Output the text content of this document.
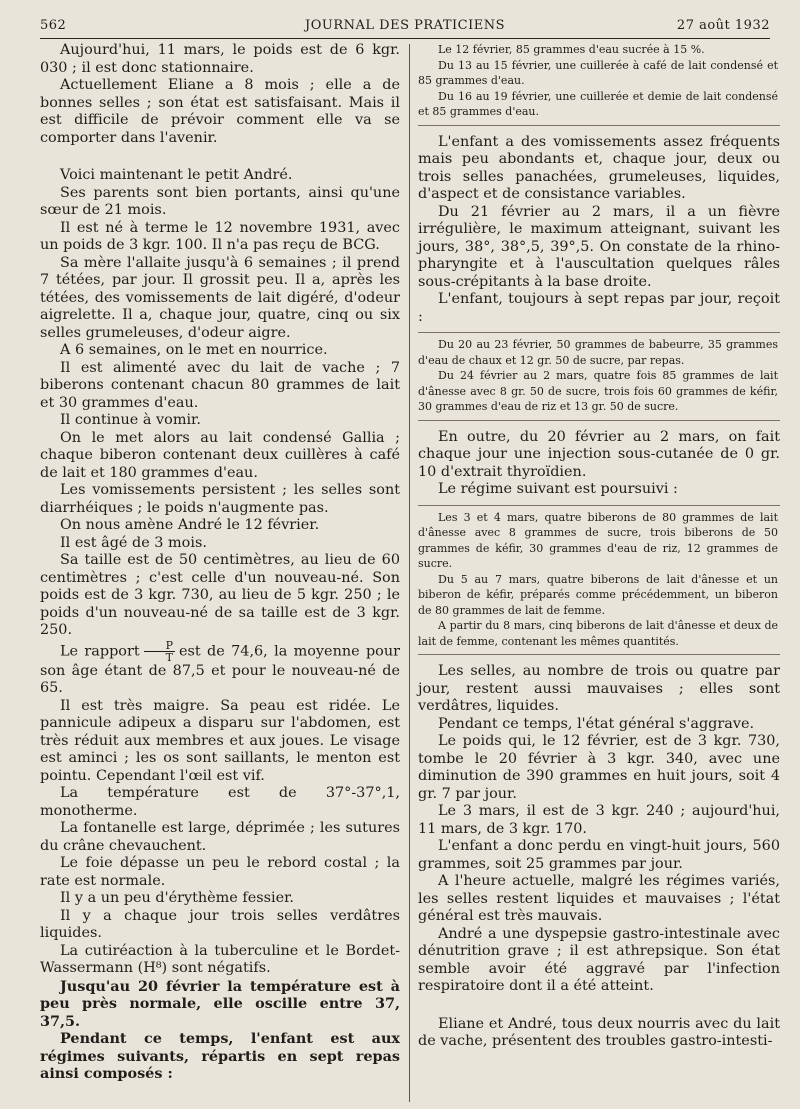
562	JOURNAL DES PRATICIENS	27 août 1932

Aujourd'hui, 11 mars, le poids est de 6 kgr. 030 ; il est donc stationnaire.

Actuellement Eliane a 8 mois ; elle a de bonnes selles ; son état est satisfaisant. Mais il est difficile de prévoir comment elle va se comporter dans l'avenir.

Voici maintenant le petit André.

Ses parents sont bien portants, ainsi qu'une sœur de 21 mois.

Il est né à terme le 12 novembre 1931, avec un poids de 3 kgr. 100. Il n'a pas reçu de BCG.

Sa mère l'allaite jusqu'à 6 semaines ; il prend 7 tétées, par jour. Il grossit peu. Il a, après les tétées, des vomissements de lait digéré, d'odeur aigrelette. Il a, chaque jour, quatre, cinq ou six selles grumeleuses, d'odeur aigre.

A 6 semaines, on le met en nourrice.

Il est alimenté avec du lait de vache ; 7 biberons contenant chacun 80 grammes de lait et 30 grammes d'eau.

Il continue à vomir.

On le met alors au lait condensé Gallia ; chaque biberon contenant deux cuillères à café de lait et 180 grammes d'eau.

Les vomissements persistent ; les selles sont diarrhéiques ; le poids n'augmente pas.

On nous amène André le 12 février.

Il est âgé de 3 mois.

Sa taille est de 50 centimètres, au lieu de 60 centimètres ; c'est celle d'un nouveau-né. Son poids est de 3 kgr. 730, au lieu de 5 kgr. 250 ; le poids d'un nouveau-né de sa taille est de 3 kgr. 250.

Le rapport $\frac{P}{T}$ est de 74,6, la moyenne pour son âge étant de 87,5 et pour le nouveau-né de 65.

Il est très maigre. Sa peau est ridée. Le pannicule adipeux a disparu sur l'abdomen, est très réduit aux membres et aux joues. Le visage est aminci ; les os sont saillants, le menton est pointu. Cependant l'œil est vif.

La température est de 37°-37°,1, monotherme.

La fontanelle est large, déprimée ; les sutures du crâne chevauchent.

Le foie dépasse un peu le rebord costal ; la rate est normale.

Il y a un peu d'érythème fessier.

Il y a chaque jour trois selles verdâtres liquides.

La cutiréaction à la tuberculine et le Bordet-Wassermann (H⁸) sont négatifs.

Jusqu'au 20 février la température est à peu près normale, elle oscille entre 37, 37,5.

Pendant ce temps, l'enfant est aux régimes suivants, répartis en sept repas ainsi composés :

Le 12 février, 85 grammes d'eau sucrée à 15 %.

Du 13 au 15 février, une cuillerée à café de lait condensé et 85 grammes d'eau.

Du 16 au 19 février, une cuillerée et demie de lait condensé et 85 grammes d'eau.

L'enfant a des vomissements assez fréquents mais peu abondants et, chaque jour, deux ou trois selles panachées, grumeleuses, liquides, d'aspect et de consistance variables.

Du 21 février au 2 mars, il a un fièvre irrégulière, le maximum atteignant, suivant les jours, 38°, 38°,5, 39°,5. On constate de la rhino-pharyngite et à l'auscultation quelques râles sous-crépitants à la base droite.

L'enfant, toujours à sept repas par jour, reçoit :

Du 20 au 23 février, 50 grammes de babeurre, 35 grammes d'eau de chaux et 12 gr. 50 de sucre, par repas.

Du 24 février au 2 mars, quatre fois 85 grammes de lait d'ânesse avec 8 gr. 50 de sucre, trois fois 60 grammes de kéfir, 30 grammes d'eau de riz et 13 gr. 50 de sucre.

En outre, du 20 février au 2 mars, on fait chaque jour une injection sous-cutanée de 0 gr. 10 d'extrait thyroïdien.

Le régime suivant est poursuivi :

Les 3 et 4 mars, quatre biberons de 80 grammes de lait d'ânesse avec 8 grammes de sucre, trois biberons de 50 grammes de kéfir, 30 grammes d'eau de riz, 12 grammes de sucre.

Du 5 au 7 mars, quatre biberons de lait d'ânesse et un biberon de kéfir, préparés comme précédemment, un biberon de 80 grammes de lait de femme.

A partir du 8 mars, cinq biberons de lait d'ânesse et deux de lait de femme, contenant les mêmes quantités.

Les selles, au nombre de trois ou quatre par jour, restent aussi mauvaises ; elles sont verdâtres, liquides.

Pendant ce temps, l'état général s'aggrave.

Le poids qui, le 12 février, est de 3 kgr. 730, tombe le 20 février à 3 kgr. 340, avec une diminution de 390 grammes en huit jours, soit 4 gr. 7 par jour.

Le 3 mars, il est de 3 kgr. 240 ; aujourd'hui, 11 mars, de 3 kgr. 170.

L'enfant a donc perdu en vingt-huit jours, 560 grammes, soit 25 grammes par jour.

A l'heure actuelle, malgré les régimes variés, les selles restent liquides et mauvaises ; l'état général est très mauvais.

André a une dyspepsie gastro-intestinale avec dénutrition grave ; il est athrepsique. Son état semble avoir été aggravé par l'infection respiratoire dont il a été atteint.

Eliane et André, tous deux nourris avec du lait de vache, présentent des troubles gastro-intesti-
